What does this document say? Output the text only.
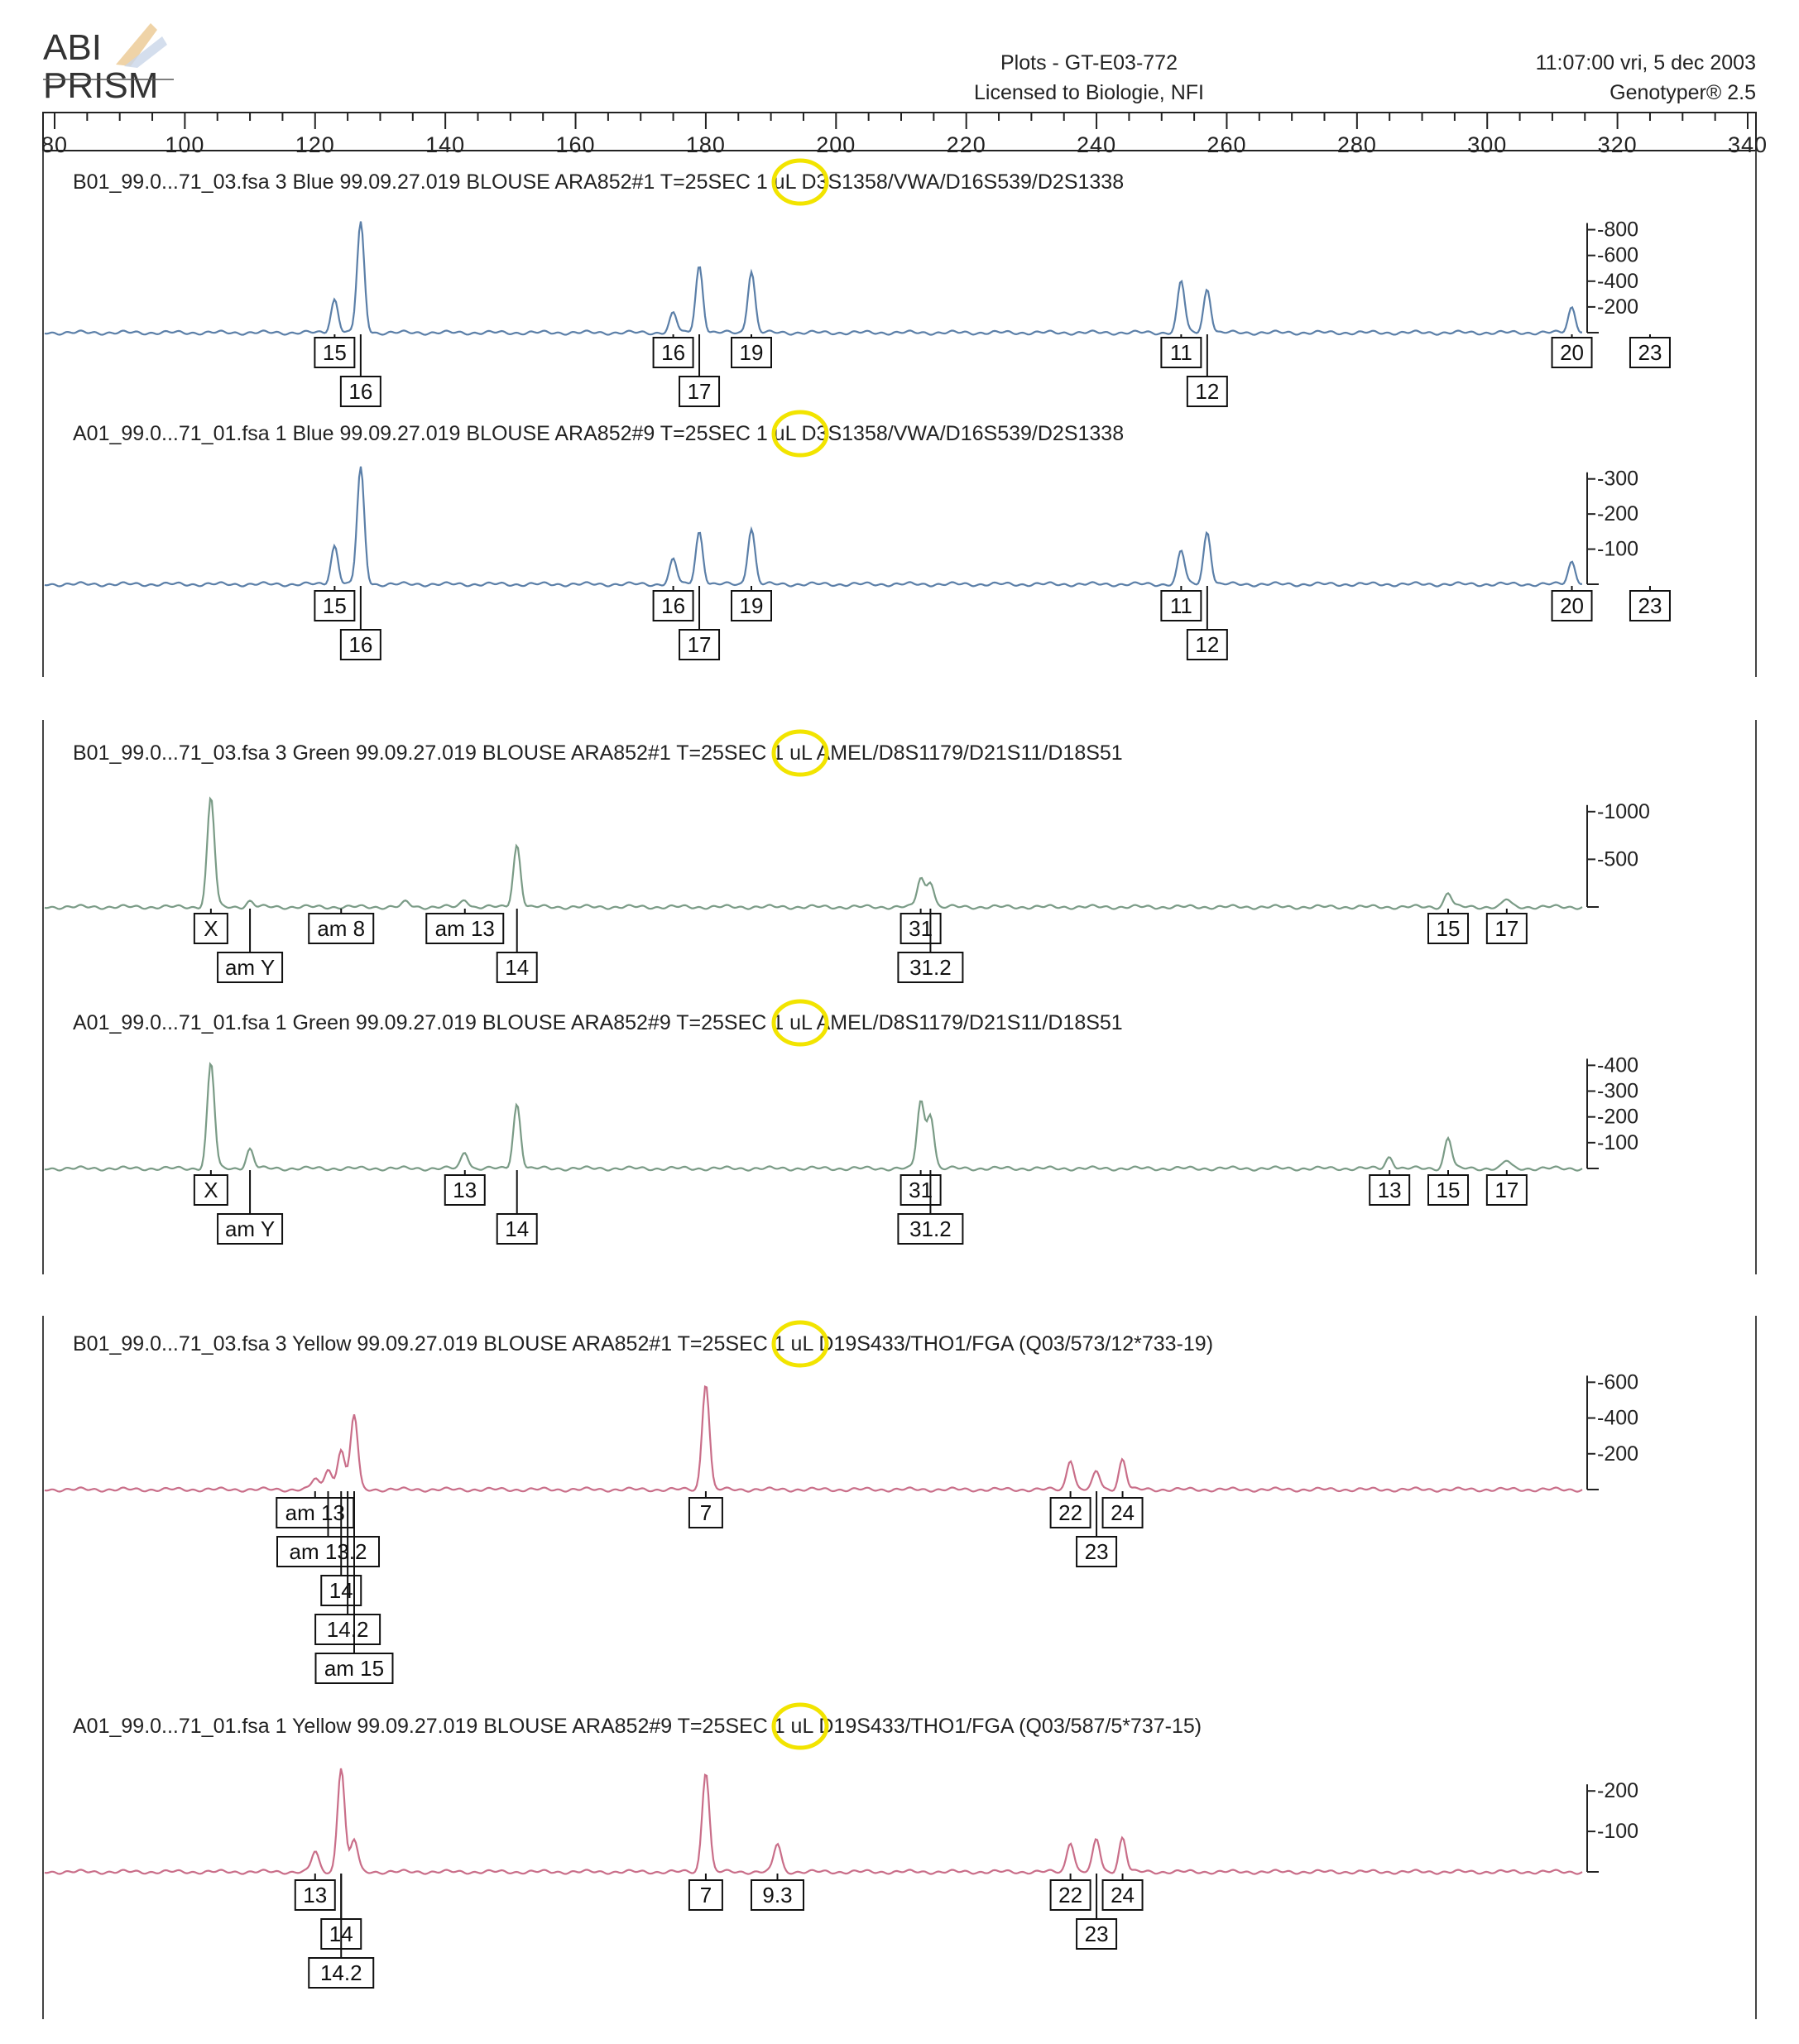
ABI
PRISM
Plots - GT-E03-772
Licensed to Biologie, NFI
11:07:00 vri, 5 dec 2003
Genotyper® 2.5
80	100	120	140	160	180	200	220	240	260	280	300	320	340
B01_99.0...71_03.fsa 3 Blue 99.09.27.019 BLOUSE ARA852#1 T=25SEC 1 uL D3S1358/VWA/D16S539/D2S1338
-200
-400
-600
-800
15
16
16
17
19	11
12
20	23
A01_99.0...71_01.fsa 1 Blue 99.09.27.019 BLOUSE ARA852#9 T=25SEC 1 uL D3S1358/VWA/D16S539/D2S1338
-100
-200
-300
15
16
16
17
19	11
12
20	23
B01_99.0...71_03.fsa 3 Green 99.09.27.019 BLOUSE ARA852#1 T=25SEC 1 uL AMEL/D8S1179/D21S11/D18S51
-500
-1000
X
am Y
am 8	am 13
14
31
31.2
15 17
A01_99.0...71_01.fsa 1 Green 99.09.27.019 BLOUSE ARA852#9 T=25SEC 1 uL AMEL/D8S1179/D21S11/D18S51
-100
-200
-300
-400
X
am Y
13
14
31
31.2
13 15 17
B01_99.0...71_03.fsa 3 Yellow 99.09.27.019 BLOUSE ARA852#1 T=25SEC 1 uL D19S433/THO1/FGA (Q03/573/12*733-19)
-200
-400
-600
am 13
am 13.2
14
14.2
am 15
7	22
23
24
A01_99.0...71_01.fsa 1 Yellow 99.09.27.019 BLOUSE ARA852#9 T=25SEC 1 uL D19S433/THO1/FGA (Q03/587/5*737-15)
-100
-200
13
14
14.2
7 9.3	22
23
24
